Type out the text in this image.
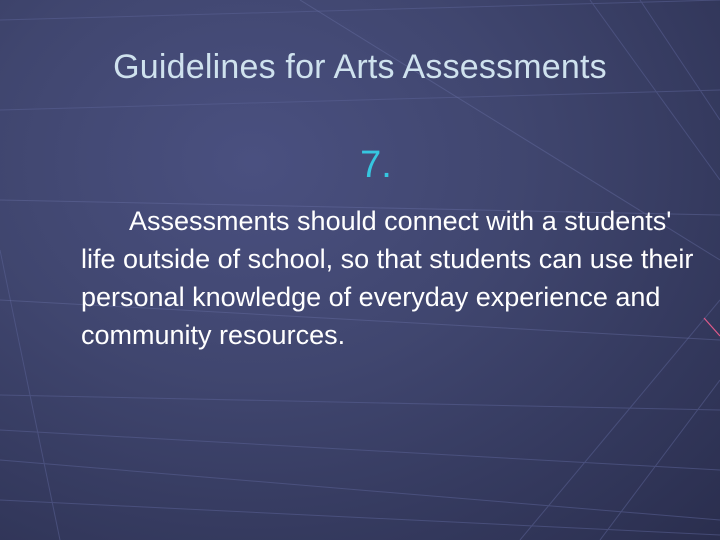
Guidelines for Arts Assessments
7.
Assessments should connect with a students' life outside of school, so that students can use their personal knowledge of everyday experience and community resources.
